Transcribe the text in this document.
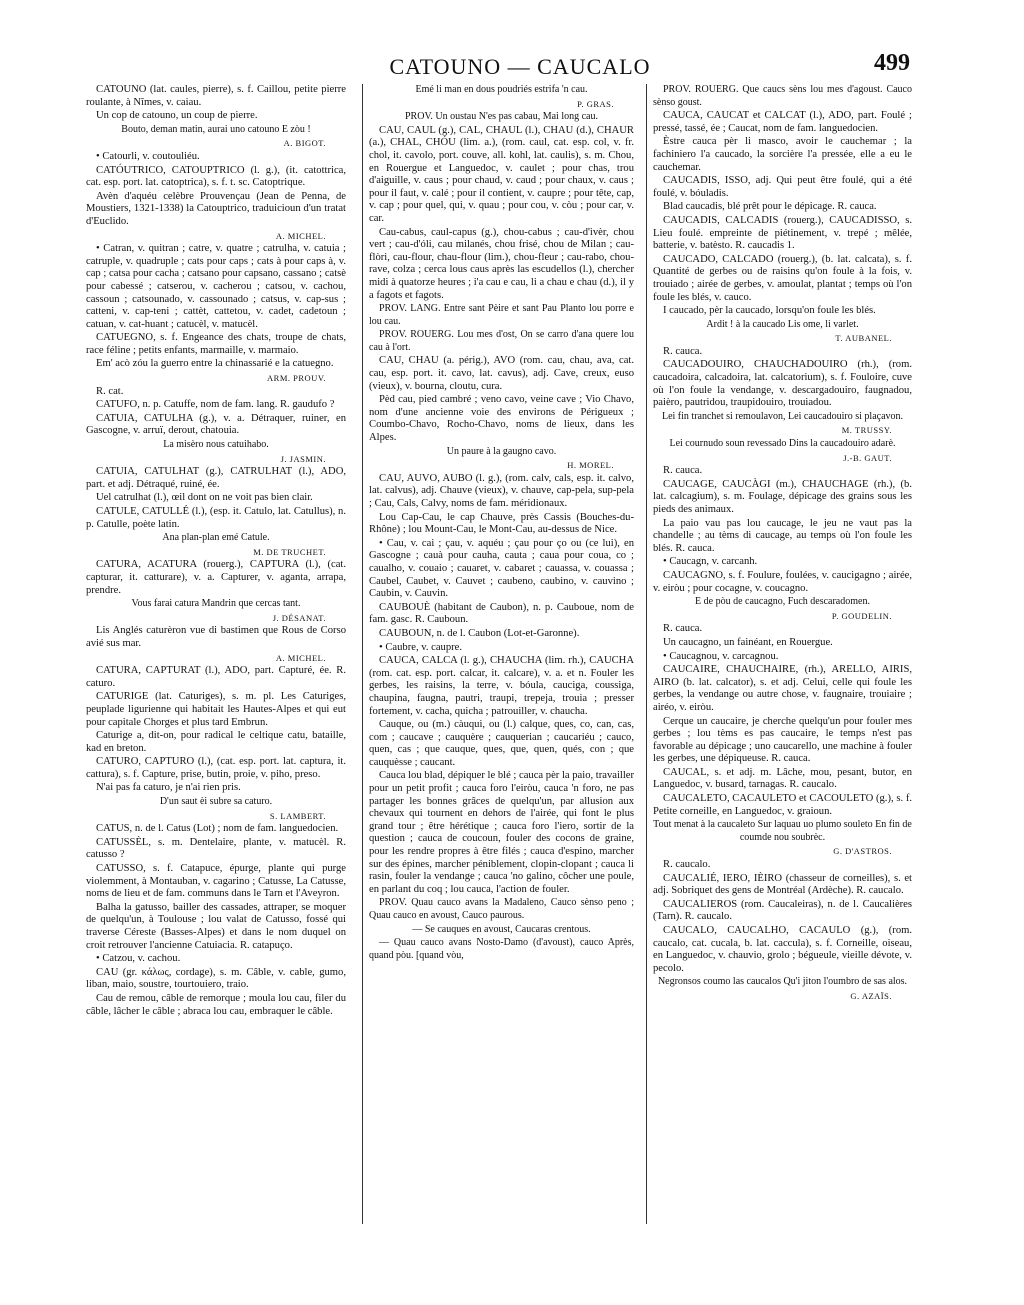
CATOUNO — CAUCALO	499

CATOUNO (lat. caules, pierre), s. f. Caillou, petite pierre roulante, à Nîmes, v. caiau.

Un cop de catouno, un coup de pierre.

Bouto, deman matin, aurai uno catouno E zòu !

A. BIGOT.

• Catourli, v. coutouliéu.

CATÓUTRICO, CATOUPTRICO (l. g.), (it. catottrica, cat. esp. port. lat. catoptrica), s. f. t. sc. Catoptrique.

Avèn d'aquéu celèbre Prouvençau (Jean de Penna, de Moustiers, 1321-1338) la Catouptrico, traduicioun d'un tratat d'Euclido.

A. MICHEL.

• Catran, v. quitran ; catre, v. quatre ; catrulha, v. catuia ; catruple, v. quadruple ; cats pour caps ; cats à pour caps à, v. cap ; catsa pour cacha ; catsano pour capsano, cassano ; catsè pour cabessé ; catserou, v. cacherou ; catsou, v. cachou, cassoun ; catsounado, v. cassounado ; catsus, v. cap-sus ; catteni, v. cap-teni ; cattèt, cattetou, v. cadet, cadetoun ; catuan, v. cat-huant ; catucèl, v. matucèl.

CATUEGNO, s. f. Engeance des chats, troupe de chats, race féline ; petits enfants, marmaille, v. marmaio.

Em' acò zóu la guerro entre la chinassarié e la catuegno.

ARM. PROUV.

R. cat.

CATUFO, n. p. Catuffe, nom de fam. lang. R. gaudufo ?

CATUIA, CATULHA (g.), v. a. Détraquer, ruiner, en Gascogne, v. arruï, derout, chatouia.

La misèro nous catuihabo.

J. JASMIN.

CATUIA, CATULHAT (g.), CATRULHAT (l.), ADO, part. et adj. Détraqué, ruiné, ée.

Uel catrulhat (l.), œil dont on ne voit pas bien clair.

CATULE, CATULLÉ (l.), (esp. it. Catulo, lat. Catullus), n. p. Catulle, poète latin.

Ana plan-plan emé Catule.

M. DE TRUCHET.

CATURA, ACATURA (rouerg.), CAPTURA (l.), (cat. capturar, it. catturare), v. a. Capturer, v. aganta, arrapa, prendre.

Vous farai catura Mandrin que cercas tant.

J. DÉSANAT.

Lis Anglés caturèron vue di bastimen que Rous de Corso avié sus mar.

A. MICHEL.

CATURA, CAPTURAT (l.), ADO, part. Capturé, ée. R. caturo.

CATURIGE (lat. Caturiges), s. m. pl. Les Caturiges, peuplade ligurienne qui habitait les Hautes-Alpes et qui eut pour capitale Chorges et plus tard Embrun.

Caturige a, dit-on, pour radical le celtique catu, bataille, kad en breton.

CATURO, CAPTURO (l.), (cat. esp. port. lat. captura, it. cattura), s. f. Capture, prise, butin, proie, v. piho, preso.

N'ai pas fa caturo, je n'ai rien pris.

D'un saut èi subre sa caturo.

S. LAMBERT.

CATUS, n. de l. Catus (Lot) ; nom de fam. languedocien.

CATUSSÈL, s. m. Dentelaire, plante, v. matucèl. R. catusso ?

CATUSSO, s. f. Catapuce, épurge, plante qui purge violemment, à Montauban, v. cagarino ; Catusse, La Catusse, noms de lieu et de fam. communs dans le Tarn et l'Aveyron.

Balha la gatusso, bailler des cassades, attraper, se moquer de quelqu'un, à Toulouse ; lou valat de Catusso, fossé qui traverse Céreste (Basses-Alpes) et dans le nom duquel on croit retrouver l'ancienne Catuiacia. R. catapuço.

• Catzou, v. cachou.

CAU (gr. κάλως, cordage), s. m. Câble, v. cable, gumo, liban, maio, soustre, tourtouiero, traio.

Cau de remou, câble de remorque ; moula lou cau, filer du câble, lâcher le câble ; abraca lou cau, embraquer le câble.

Emé li man en dous poudriés estrifa 'n cau.

P. GRAS.

PROV. Un oustau N'es pas cabau, Mai long cau.

CAU, CAUL (g.), CAL, CHAUL (l.), CHAU (d.), CHAUR (a.), CHAL, CHÓU (lim. a.), (rom. caul, cat. esp. col, v. fr. chol, it. cavolo, port. couve, all. kohl, lat. caulis), s. m. Chou, en Rouergue et Languedoc, v. caulet ; pour chas, trou d'aiguille, v. caus ; pour chaud, v. caud ; pour chaux, v. caus ; pour il faut, v. calé ; pour il contient, v. caupre ; pour tête, cap, v. cap ; pour quel, qui, v. quau ; pour cou, v. còu ; pour car, v. car.

Cau-cabus, caul-capus (g.), chou-cabus ; cau-d'ivèr, chou vert ; cau-d'óli, cau milanés, chou frisé, chou de Milan ; cau-flòri, cau-flour, chau-flour (lim.), chou-fleur ; cau-rabo, chou-rave, colza ; cerca lous caus après las escudellos (l.), chercher midi à quatorze heures ; i'a cau e cau, li a chau e chau (d.), il y a fagots et fagots.

PROV. LANG. Entre sant Pèire et sant Pau Planto lou porre e lou cau.

PROV. ROUERG. Lou mes d'ost, On se carro d'ana quere lou cau à l'ort.

CAU, CHAU (a. périg.), AVO (rom. cau, chau, ava, cat. cau, esp. port. it. cavo, lat. cavus), adj. Cave, creux, euso (vieux), v. bourna, cloutu, cura.

Pèd cau, pied cambré ; veno cavo, veine cave ; Vio Chavo, nom d'une ancienne voie des environs de Périgueux ; Coumbo-Chavo, Rocho-Chavo, noms de lieux, dans les Alpes.

Un paure à la gaugno cavo.

H. MOREL.

CAU, AUVO, AUBO (l. g.), (rom. calv, cals, esp. it. calvo, lat. calvus), adj. Chauve (vieux), v. chauve, cap-pela, sup-pela ; Cau, Cals, Calvy, noms de fam. méridionaux.

Lou Cap-Cau, le cap Chauve, près Cassis (Bouches-du-Rhône) ; lou Mount-Cau, le Mont-Cau, au-dessus de Nice.

• Cau, v. cai ; çau, v. aquéu ; çau pour ço ou (ce lui), en Gascogne ; cauà pour cauha, cauta ; caua pour coua, co ; caualho, v. couaio ; cauaret, v. cabaret ; cauassa, v. couassa ; Caubel, Caubet, v. Cauvet ; caubeno, caubino, v. cauvino ; Caubin, v. Cauvin.

CAUBOUÈ (habitant de Caubon), n. p. Cauboue, nom de fam. gasc. R. Cauboun.

CAUBOUN, n. de l. Caubon (Lot-et-Garonne).

• Caubre, v. caupre.

CAUCA, CALCA (l. g.), CHAUCHA (lim. rh.), CAUCHA (rom. cat. esp. port. calcar, it. calcare), v. a. et n. Fouler les gerbes, les raisins, la terre, v. bóula, cauciga, coussiga, chaupina, faugna, pautri, traupi, trepeja, trouia ; presser fortement, v. cacha, quicha ; patrouiller, v. chaucha.

Cauque, ou (m.) càuqui, ou (l.) calque, ques, co, can, cas, com ; caucave ; cauquère ; cauquerian ; caucariéu ; cauco, quen, cas ; que cauque, ques, que, quen, qués, con ; que cauquèsse ; caucant.

Cauca lou blad, dépiquer le blé ; cauca pèr la paio, travailler pour un petit profit ; cauca foro l'eiròu, cauca 'n foro, ne pas partager les bonnes grâces de quelqu'un, par allusion aux chevaux qui tournent en dehors de l'airée, qui font le plus grand tour ; être hérétique ; cauca foro l'iero, sortir de la question ; cauca de coucoun, fouler des cocons de graine, pour les rendre propres à être filés ; cauca d'espino, marcher sur des épines, marcher péniblement, clopin-clopant ; cauca li rasin, fouler la vendange ; cauca 'no galino, côcher une poule, en parlant du coq ; lou cauca, l'action de fouler.

PROV. Quau cauco avans la Madaleno, Cauco sènso peno ; Quau cauco en avoust, Cauco paurous.

— Se cauques en avoust, Caucaras crentous.

— Quau cauco avans Nosto-Damo (d'avoust), cauco Après, quand pòu. [quand vòu,

PROV. ROUERG. Que caucs sèns lou mes d'agoust. Cauco sènso goust.

CAUCA, CAUCAT et CALCAT (l.), ADO, part. Foulé ; pressé, tassé, ée ; Caucat, nom de fam. languedocien.

Èstre cauca pèr li masco, avoir le cauchemar ; la fachiniero l'a caucado, la sorcière l'a pressée, elle a eu le cauchemar.

CAUCADIS, ISSO, adj. Qui peut être foulé, qui a été foulé, v. bóuladis.

Blad caucadis, blé prêt pour le dépicage. R. cauca.

CAUCADIS, CALCADIS (rouerg.), CAUCADISSO, s. Lieu foulé. empreinte de piétinement, v. trepé ; mêlée, batterie, v. batèsto. R. caucadis 1.

CAUCADO, CALCADO (rouerg.), (b. lat. calcata), s. f. Quantité de gerbes ou de raisins qu'on foule à la fois, v. trouiado ; airée de gerbes, v. amoulat, plantat ; temps où l'on foule les blés, v. cauco.

I caucado, pèr la caucado, lorsqu'on foule les blés.

Ardit ! à la caucado Lis ome, li varlet.

T. AUBANEL.

R. cauca.

CAUCADOUIRO, CHAUCHADOUIRO (rh.), (rom. caucadoira, calcadoira, lat. calcatorium), s. f. Fouloire, cuve où l'on foule la vendange, v. descargadouiro, faugnadou, paièro, pautridou, traupidouiro, trouiadou.

Lei fin tranchet si remoulavon, Lei caucadouiro si plaçavon.

M. TRUSSY.

Lei cournudo soun revessado Dins la caucadouiro adarè.

J.-B. GAUT.

R. cauca.

CAUCAGE, CAUCÀGI (m.), CHAUCHAGE (rh.), (b. lat. calcagium), s. m. Foulage, dépicage des grains sous les pieds des animaux.

La paio vau pas lou caucage, le jeu ne vaut pas la chandelle ; au tèms di caucage, au temps où l'on foule les blés. R. cauca.

• Caucagn, v. carcanh.

CAUCAGNO, s. f. Foulure, foulées, v. caucigagno ; airée, v. eiròu ; pour cocagne, v. coucagno.

E de pòu de caucagno, Fuch descaradomen.

P. GOUDELIN.

R. cauca.

Un caucagno, un fainéant, en Rouergue.

• Caucagnou, v. carcagnou.

CAUCAIRE, CHAUCHAIRE, (rh.), ARELLO, AIRIS, AIRO (b. lat. calcator), s. et adj. Celui, celle qui foule les gerbes, la vendange ou autre chose, v. faugnaire, trouiaire ; airéo, v. eiròu.

Cerque un caucaire, je cherche quelqu'un pour fouler mes gerbes ; lou tèms es pas caucaire, le temps n'est pas favorable au dépicage ; uno caucarello, une machine à fouler les gerbes, une dépiqueuse. R. cauca.

CAUCAL, s. et adj. m. Lâche, mou, pesant, butor, en Languedoc, v. busard, tarnagas. R. caucalo.

CAUCALETO, CACAULETO et CACOULETO (g.), s. f. Petite corneille, en Languedoc, v. graioun.

Tout menat à la caucaleto Sur laquau uo plumo souleto En fin de coumde nou soubrèc.

G. D'ASTROS.

R. caucalo.

CAUCALIÉ, IERO, IÈIRO (chasseur de corneilles), s. et adj. Sobriquet des gens de Montréal (Ardèche). R. caucalo.

CAUCALIEROS (rom. Caucaleiras), n. de l. Caucalières (Tarn). R. caucalo.

CAUCALO, CAUCALHO, CACAULO (g.), (rom. caucalo, cat. cucala, b. lat. caccula), s. f. Corneille, oiseau, en Languedoc, v. chauvio, grolo ; bégueule, vieille dévote, v. pecolo.

Negronsos coumo las caucalos Qu'i jiton l'oumbro de sas alos.

G. AZAÏS.
